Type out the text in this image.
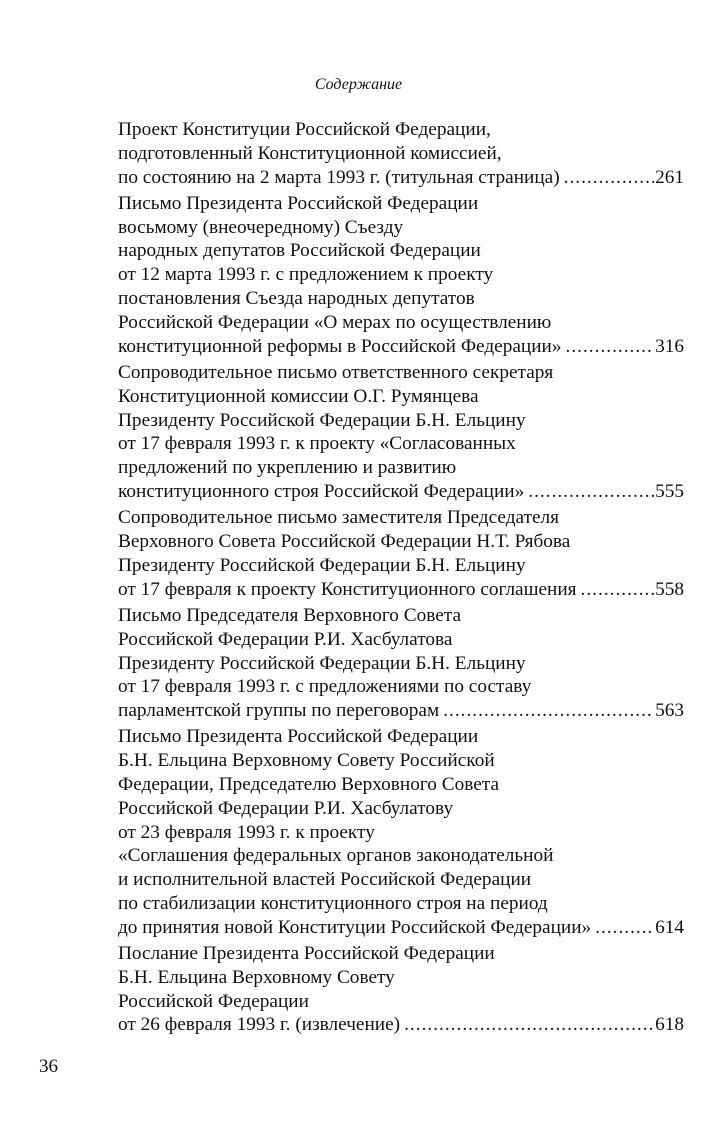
Содержание
Проект Конституции Российской Федерации,
подготовленный Конституционной комиссией,
по состоянию на 2 марта 1993 г. (титульная страница) .....	261
Письмо Президента Российской Федерации
восьмому (внеочередному) Съезду
народных депутатов Российской Федерации
от 12 марта 1993 г. с предложением к проекту
постановления Съезда народных депутатов
Российской Федерации «О мерах по осуществлению
конституционной реформы в Российской Федерации» .....	316
Сопроводительное письмо ответственного секретаря
Конституционной комиссии О.Г. Румянцева
Президенту Российской Федерации Б.Н. Ельцину
от 17 февраля 1993 г. к проекту «Согласованных
предложений по укреплению и развитию
конституционного строя Российской Федерации» .....	555
Сопроводительное письмо заместителя Председателя
Верховного Совета Российской Федерации Н.Т. Рябова
Президенту Российской Федерации Б.Н. Ельцину
от 17 февраля к проекту Конституционного соглашения .....	558
Письмо Председателя Верховного Совета
Российской Федерации Р.И. Хасбулатова
Президенту Российской Федерации Б.Н. Ельцину
от 17 февраля 1993 г. с предложениями по составу
парламентской группы по переговорам .....	563
Письмо Президента Российской Федерации
Б.Н. Ельцина Верховному Совету Российской
Федерации, Председателю Верховного Совета
Российской Федерации Р.И. Хасбулатову
от 23 февраля 1993 г. к проекту
«Соглашения федеральных органов законодательной
и исполнительной властей Российской Федерации
по стабилизации конституционного строя на период
до принятия новой Конституции Российской Федерации» .....	614
Послание Президента Российской Федерации
Б.Н. Ельцина Верховному Совету
Российской Федерации
от 26 февраля 1993 г. (извлечение) .....	618
36
